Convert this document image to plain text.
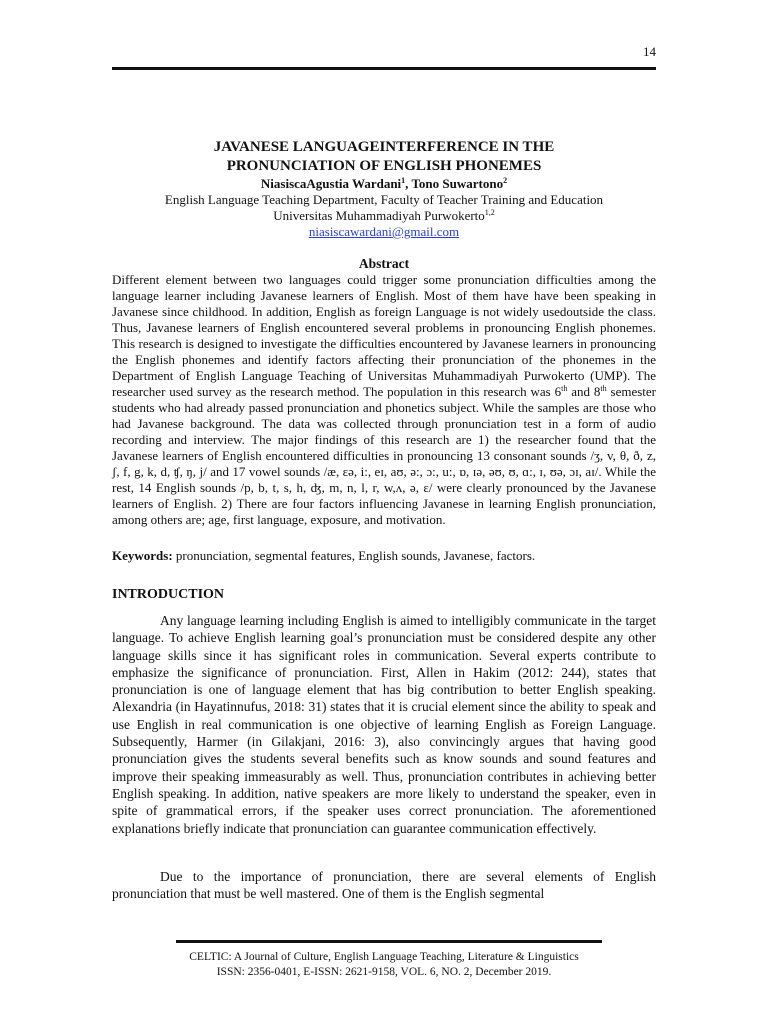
14
JAVANESE LANGUAGEINTERFERENCE IN THE
PRONUNCIATION OF ENGLISH PHONEMES
NiasiscaAgustia Wardani$^1$, Tono Suwartono$^2$
English Language Teaching Department, Faculty of Teacher Training and Education
Universitas Muhammadiyah Purwokerto$^{1,2}$
niasiscawardani@gmail.com
Abstract

Different element between two languages could trigger some pronunciation difficulties among the language learner including Javanese learners of English. Most of them have have been speaking in Javanese since childhood. In addition, English as foreign Language is not widely usedoutside the class. Thus, Javanese learners of English encountered several problems in pronouncing English phonemes. This research is designed to investigate the difficulties encountered by Javanese learners in pronouncing the English phonemes and identify factors affecting their pronunciation of the phonemes in the Department of English Language Teaching of Universitas Muhammadiyah Purwokerto (UMP). The researcher used survey as the research method. The population in this research was 6th and 8th semester students who had already passed pronunciation and phonetics subject. While the samples are those who had Javanese background. The data was collected through pronunciation test in a form of audio recording and interview. The major findings of this research are 1) the researcher found that the Javanese learners of English encountered difficulties in pronouncing 13 consonant sounds /ʒ, v, θ, ð, z, ʃ, f, g, k, d, ʧ, ŋ, j/ and 17 vowel sounds /æ, ɛə, i:, eɪ, aʊ, ə:, ɔ:, u:, ɒ, ɪə, əʊ, ʊ, ɑ:, ɪ, ʊə, ɔɪ, aɪ/. While the rest, 14 English sounds /p, b, t, s, h, ʤ, m, n, l, r, w,ʌ, ə, ɛ/ were clearly pronounced by the Javanese learners of English. 2) There are four factors influencing Javanese in learning English pronunciation, among others are; age, first language, exposure, and motivation.

Keywords: pronunciation, segmental features, English sounds, Javanese, factors.
INTRODUCTION

Any language learning including English is aimed to intelligibly communicate in the target language. To achieve English learning goal’s pronunciation must be considered despite any other language skills since it has significant roles in communication. Several experts contribute to emphasize the significance of pronunciation. First, Allen in Hakim (2012: 244), states that pronunciation is one of language element that has big contribution to better English speaking. Alexandria (in Hayatinnufus, 2018: 31) states that it is crucial element since the ability to speak and use English in real communication is one objective of learning English as Foreign Language. Subsequently, Harmer (in Gilakjani, 2016: 3), also convincingly argues that having good pronunciation gives the students several benefits such as know sounds and sound features and improve their speaking immeasurably as well. Thus, pronunciation contributes in achieving better English speaking. In addition, native speakers are more likely to understand the speaker, even in spite of grammatical errors, if the speaker uses correct pronunciation. The aforementioned explanations briefly indicate that pronunciation can guarantee communication effectively.

Due to the importance of pronunciation, there are several elements of English pronunciation that must be well mastered. One of them is the English segmental

CELTIC: A Journal of Culture, English Language Teaching, Literature & Linguistics
ISSN: 2356-0401, E-ISSN: 2621-9158, VOL. 6, NO. 2, December 2019.
